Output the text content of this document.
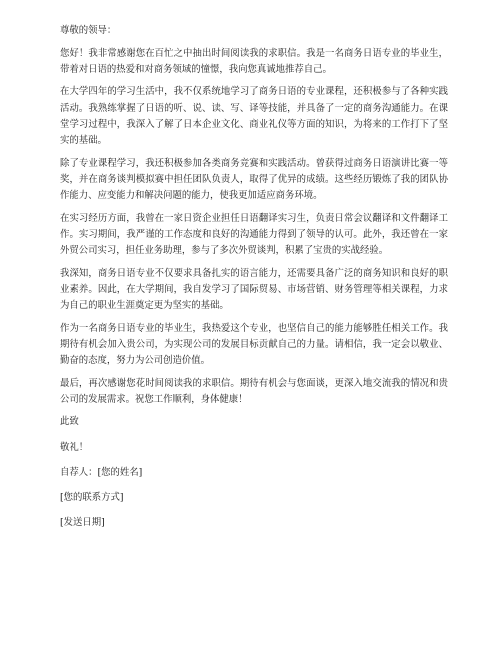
尊敬的领导：

您好！我非常感谢您在百忙之中抽出时间阅读我的求职信。我是一名商务日语专业的毕业生，带着对日语的热爱和对商务领域的憧憬，我向您真诚地推荐自己。

在大学四年的学习生活中，我不仅系统地学习了商务日语的专业课程，还积极参与了各种实践活动。我熟练掌握了日语的听、说、读、写、译等技能，并具备了一定的商务沟通能力。在课堂学习过程中，我深入了解了日本企业文化、商业礼仪等方面的知识，为将来的工作打下了坚实的基础。

除了专业课程学习，我还积极参加各类商务竞赛和实践活动。曾获得过商务日语演讲比赛一等奖，并在商务谈判模拟赛中担任团队负责人，取得了优异的成绩。这些经历锻炼了我的团队协作能力、应变能力和解决问题的能力，使我更加适应商务环境。

在实习经历方面，我曾在一家日资企业担任日语翻译实习生，负责日常会议翻译和文件翻译工作。实习期间，我严谨的工作态度和良好的沟通能力得到了领导的认可。此外，我还曾在一家外贸公司实习，担任业务助理，参与了多次外贸谈判，积累了宝贵的实战经验。

我深知，商务日语专业不仅要求具备扎实的语言能力，还需要具备广泛的商务知识和良好的职业素养。因此，在大学期间，我自发学习了国际贸易、市场营销、财务管理等相关课程，力求为自己的职业生涯奠定更为坚实的基础。

作为一名商务日语专业的毕业生，我热爱这个专业，也坚信自己的能力能够胜任相关工作。我期待有机会加入贵公司，为实现公司的发展目标贡献自己的力量。请相信，我一定会以敬业、勤奋的态度，努力为公司创造价值。

最后，再次感谢您花时间阅读我的求职信。期待有机会与您面谈，更深入地交流我的情况和贵公司的发展需求。祝您工作顺利，身体健康！

此致

敬礼！

自荐人：[您的姓名]

[您的联系方式]

[发送日期]
